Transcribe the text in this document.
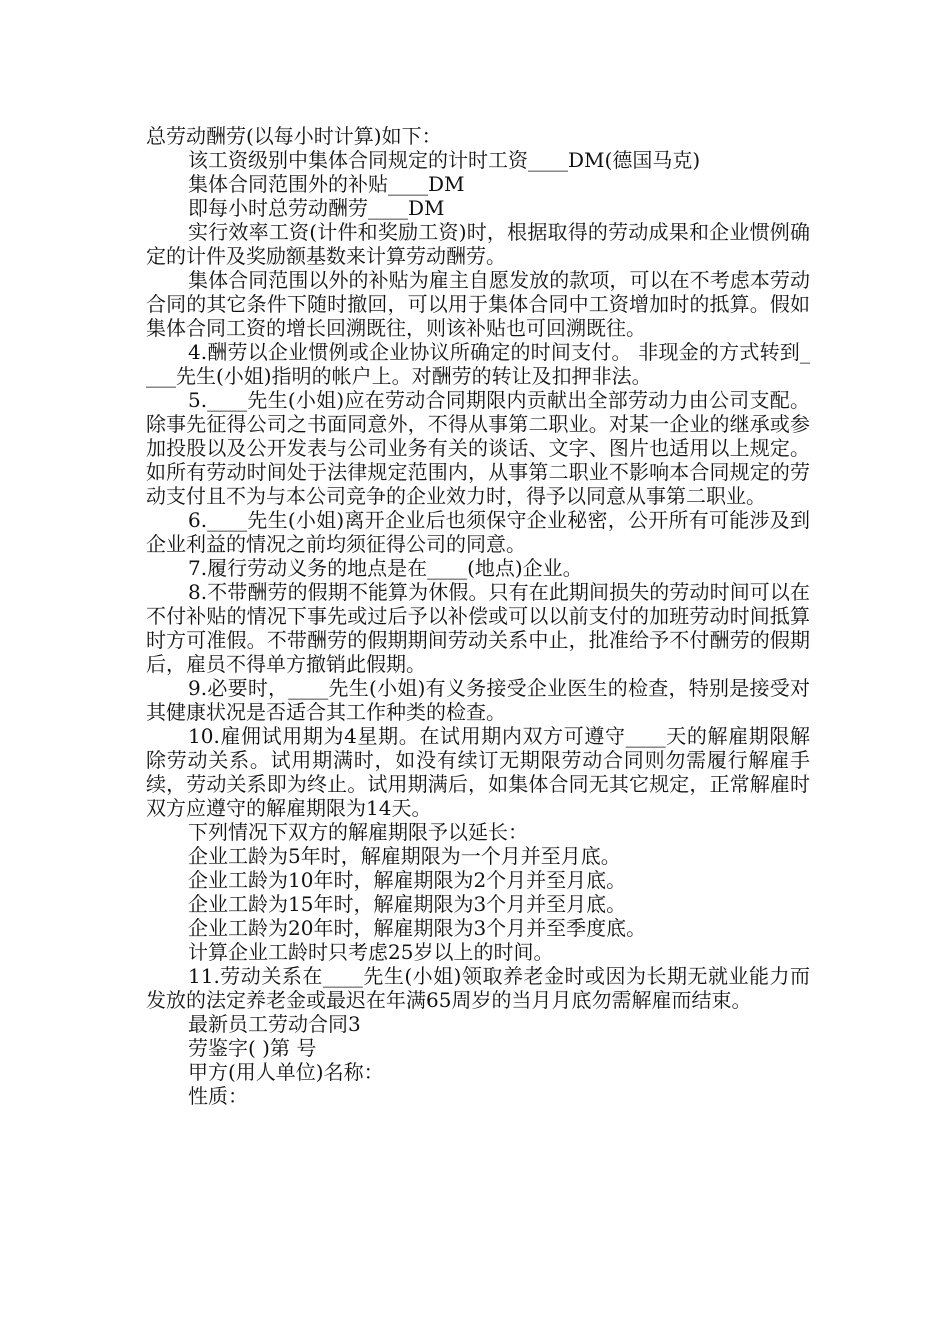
总劳动酬劳(以每小时计算)如下：

该工资级别中集体合同规定的计时工资____DM(德国马克)

集体合同范围外的补贴____DM

即每小时总劳动酬劳____DM

实行效率工资(计件和奖励工资)时，根据取得的劳动成果和企业惯例确定的计件及奖励额基数来计算劳动酬劳。

集体合同范围以外的补贴为雇主自愿发放的款项，可以在不考虑本劳动合同的其它条件下随时撤回，可以用于集体合同中工资增加时的抵算。假如集体合同工资的增长回溯既往，则该补贴也可回溯既往。

4.酬劳以企业惯例或企业协议所确定的时间支付。 非现金的方式转到____先生(小姐)指明的帐户上。对酬劳的转让及扣押非法。

5.____先生(小姐)应在劳动合同期限内贡献出全部劳动力由公司支配。除事先征得公司之书面同意外，不得从事第二职业。对某一企业的继承或参加投股以及公开发表与公司业务有关的谈话、文字、图片也适用以上规定。如所有劳动时间处于法律规定范围内，从事第二职业不影响本合同规定的劳动支付且不为与本公司竞争的企业效力时，得予以同意从事第二职业。

6.____先生(小姐)离开企业后也须保守企业秘密，公开所有可能涉及到企业利益的情况之前均须征得公司的同意。

7.履行劳动义务的地点是在____(地点)企业。

8.不带酬劳的假期不能算为休假。只有在此期间损失的劳动时间可以在不付补贴的情况下事先或过后予以补偿或可以以前支付的加班劳动时间抵算时方可准假。不带酬劳的假期期间劳动关系中止，批准给予不付酬劳的假期后，雇员不得单方撤销此假期。

9.必要时，____先生(小姐)有义务接受企业医生的检查，特别是接受对其健康状况是否适合其工作种类的检查。

10.雇佣试用期为4星期。在试用期内双方可遵守____天的解雇期限解除劳动关系。试用期满时，如没有续订无期限劳动合同则勿需履行解雇手续，劳动关系即为终止。试用期满后，如集体合同无其它规定，正常解雇时双方应遵守的解雇期限为14天。

下列情况下双方的解雇期限予以延长：

企业工龄为5年时，解雇期限为一个月并至月底。

企业工龄为10年时，解雇期限为2个月并至月底。

企业工龄为15年时，解雇期限为3个月并至月底。

企业工龄为20年时，解雇期限为3个月并至季度底。

计算企业工龄时只考虑25岁以上的时间。

11.劳动关系在____先生(小姐)领取养老金时或因为长期无就业能力而发放的法定养老金或最迟在年满65周岁的当月月底勿需解雇而结束。

最新员工劳动合同3

劳鉴字( )第 号

甲方(用人单位)名称：

性质：
